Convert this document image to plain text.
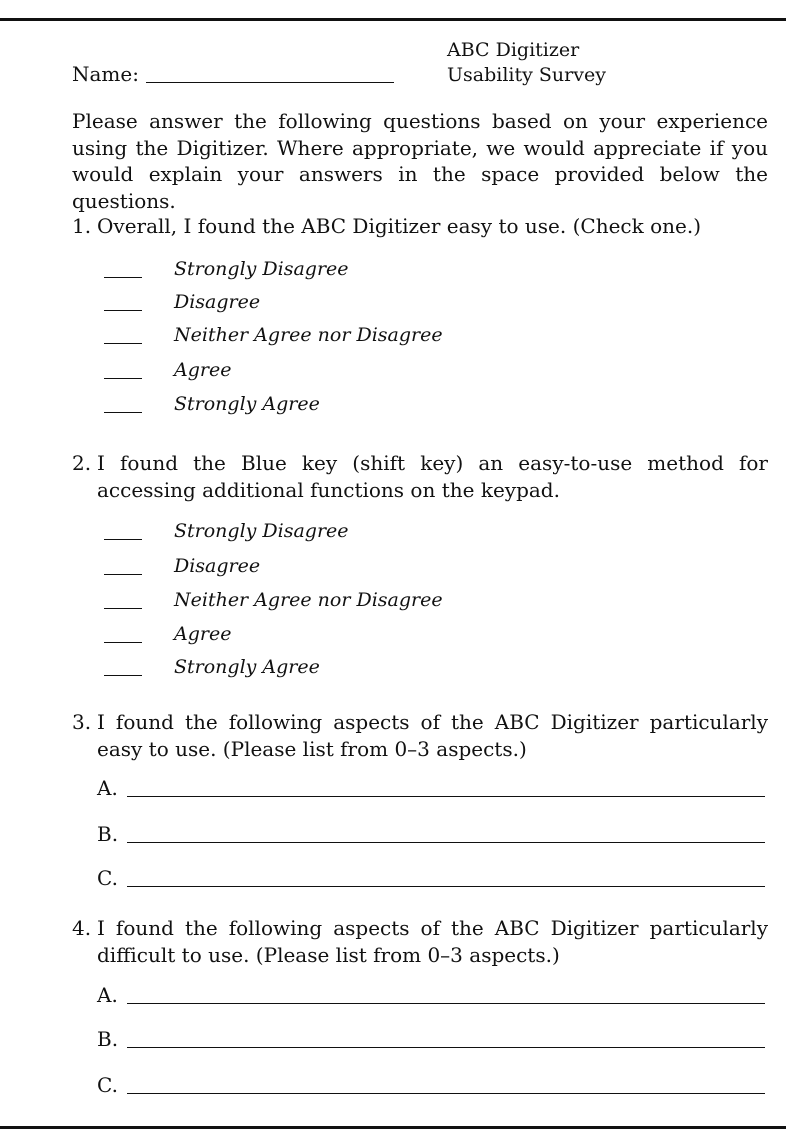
Name:
ABC Digitizer
Usability Survey
Please answer the following questions based on your experience using the Digitizer. Where appropriate, we would appreciate if you would explain your answers in the space provided below the questions.
1. Overall, I found the ABC Digitizer easy to use. (Check one.)
Strongly Disagree
Disagree
Neither Agree nor Disagree
Agree
Strongly Agree
2. I found the Blue key (shift key) an easy-to-use method for accessing additional functions on the keypad.
Strongly Disagree
Disagree
Neither Agree nor Disagree
Agree
Strongly Agree
3. I found the following aspects of the ABC Digitizer particularly easy to use. (Please list from 0–3 aspects.)
A.
B.
C.
4. I found the following aspects of the ABC Digitizer particularly difficult to use. (Please list from 0–3 aspects.)
A.
B.
C.
